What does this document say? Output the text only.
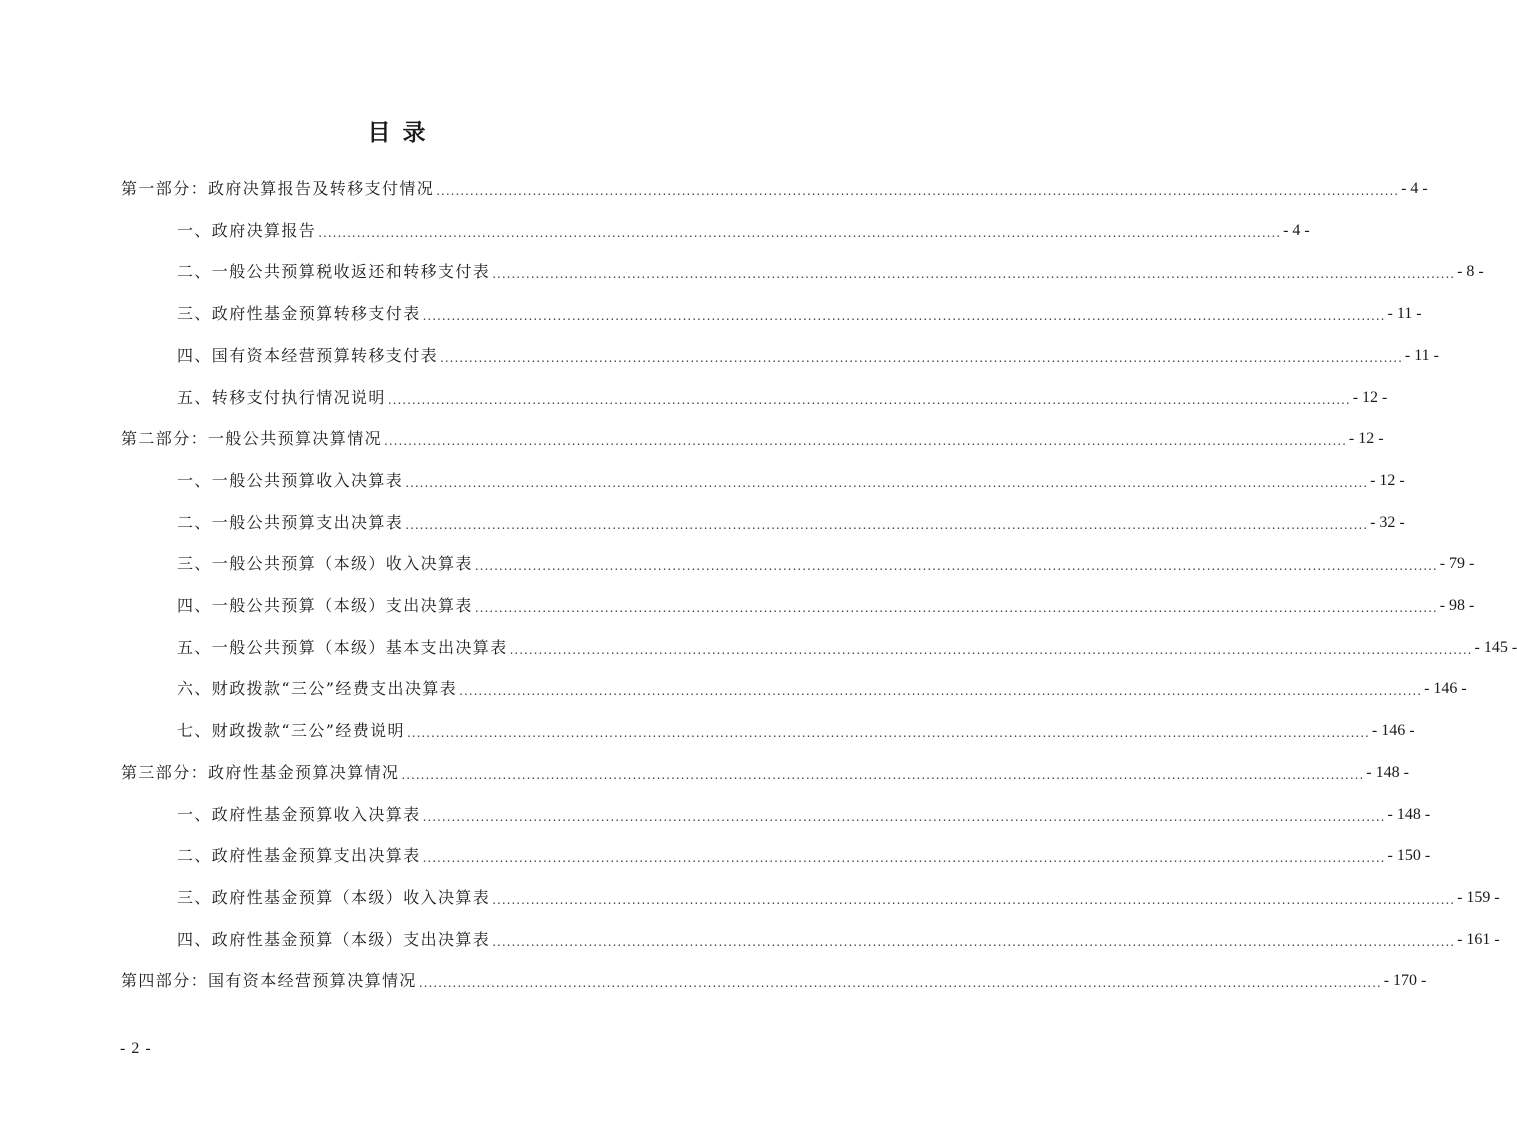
目录
第一部分：政府决算报告及转移支付情况 ........................................................................................................................................................................................................ - 4 -
一、政府决算报告 ........................................................................................................................................................................................................ - 4 -
二、一般公共预算税收返还和转移支付表 ........................................................................................................................................................................................................ - 8 -
三、政府性基金预算转移支付表 ........................................................................................................................................................................................................ - 11 -
四、国有资本经营预算转移支付表 ........................................................................................................................................................................................................ - 11 -
五、转移支付执行情况说明 ........................................................................................................................................................................................................ - 12 -
第二部分：一般公共预算决算情况 ........................................................................................................................................................................................................ - 12 -
一、一般公共预算收入决算表 ........................................................................................................................................................................................................ - 12 -
二、一般公共预算支出决算表 ........................................................................................................................................................................................................ - 32 -
三、一般公共预算（本级）收入决算表 ........................................................................................................................................................................................................ - 79 -
四、一般公共预算（本级）支出决算表 ........................................................................................................................................................................................................ - 98 -
五、一般公共预算（本级）基本支出决算表 ........................................................................................................................................................................................................ - 145 -
六、财政拨款“三公”经费支出决算表 ........................................................................................................................................................................................................ - 146 -
七、财政拨款“三公”经费说明 ........................................................................................................................................................................................................ - 146 -
第三部分：政府性基金预算决算情况 ........................................................................................................................................................................................................ - 148 -
一、政府性基金预算收入决算表 ........................................................................................................................................................................................................ - 148 -
二、政府性基金预算支出决算表 ........................................................................................................................................................................................................ - 150 -
三、政府性基金预算（本级）收入决算表 ........................................................................................................................................................................................................ - 159 -
四、政府性基金预算（本级）支出决算表 ........................................................................................................................................................................................................ - 161 -
第四部分：国有资本经营预算决算情况 ........................................................................................................................................................................................................ - 170 -
- 2 -
